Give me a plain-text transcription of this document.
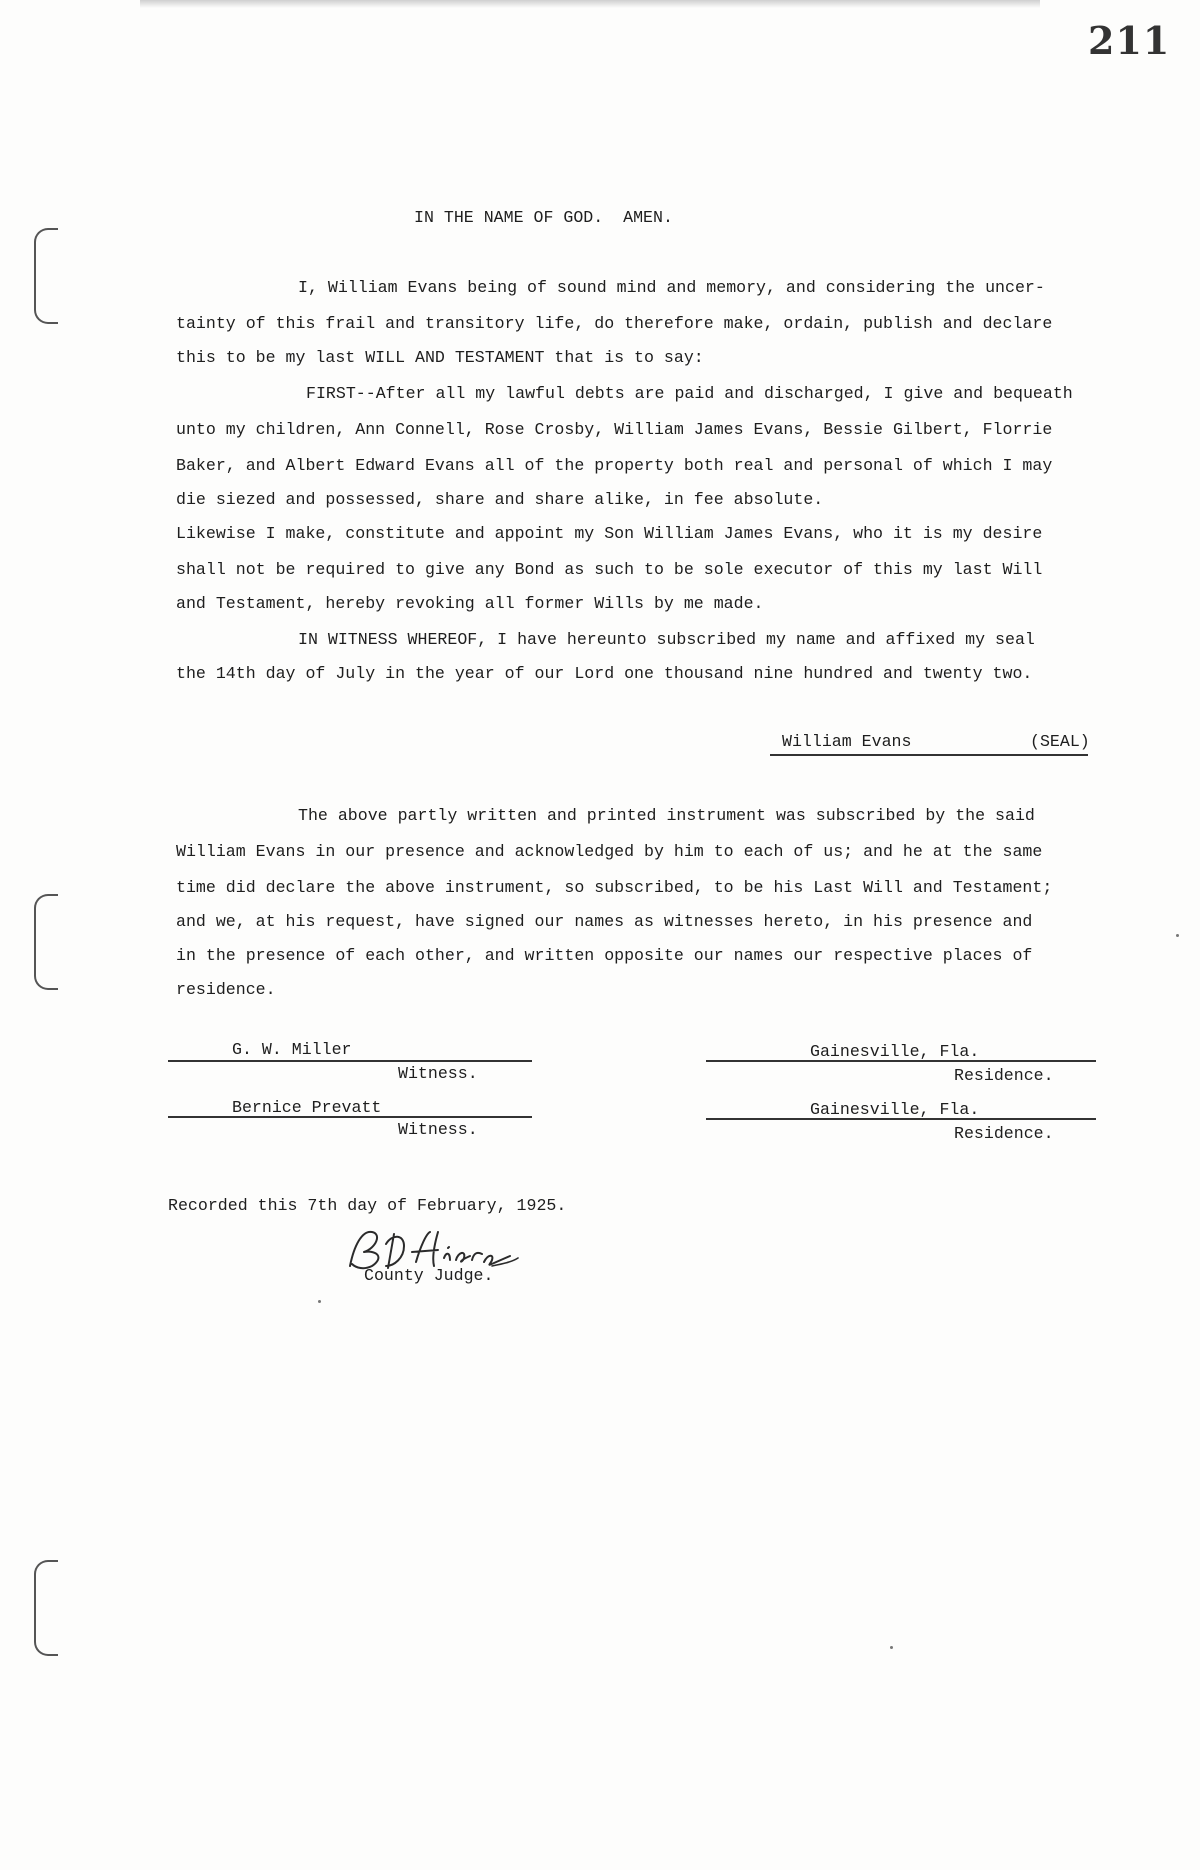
211
IN THE NAME OF GOD.  AMEN.
I, William Evans being of sound mind and memory, and considering the uncer-
tainty of this frail and transitory life, do therefore make, ordain, publish and declare
this to be my last WILL AND TESTAMENT that is to say:
FIRST--After all my lawful debts are paid and discharged, I give and bequeath
unto my children, Ann Connell, Rose Crosby, William James Evans, Bessie Gilbert, Florrie
Baker, and Albert Edward Evans all of the property both real and personal of which I may
die siezed and possessed, share and share alike, in fee absolute.
Likewise I make, constitute and appoint my Son William James Evans, who it is my desire
shall not be required to give any Bond as such to be sole executor of this my last Will
and Testament, hereby revoking all former Wills by me made.
IN WITNESS WHEREOF, I have hereunto subscribed my name and affixed my seal
the 14th day of July in the year of our Lord one thousand nine hundred and twenty two.
William Evans	(SEAL)
The above partly written and printed instrument was subscribed by the said
William Evans in our presence and acknowledged by him to each of us; and he at the same
time did declare the above instrument, so subscribed, to be his Last Will and Testament;
and we, at his request, have signed our names as witnesses hereto, in his presence and
in the presence of each other, and written opposite our names our respective places of
residence.
G. W. Miller
Witness.
Gainesville, Fla.
Residence.
Bernice Prevatt
Witness.
Gainesville, Fla.
Residence.
Recorded this 7th day of February, 1925.
County Judge.
